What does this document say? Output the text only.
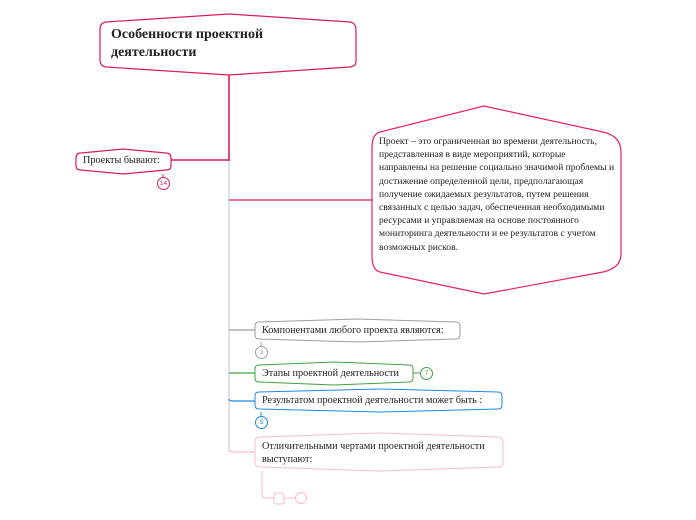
Особенности проектной деятельности
Проект – это ограниченная во времени деятельность, представленная в виде мероприятий, которые направлены на решение социально значимой проблемы и достижение определенной цели, предполагающая получение ожидаемых результатов, путем решения связанных с целью задач, обеспеченная необходимыми ресурсами и управляемая на основе постоянного мониторинга деятельности и ее результатов с учетом возможных рисков.
Проекты бывают:
14
Компонентами любого проекта являются:
3
Этапы проектной деятельности	7
Результатом проектной деятельности может быть :
5
Отличительными чертами проектной деятельности выступают:
